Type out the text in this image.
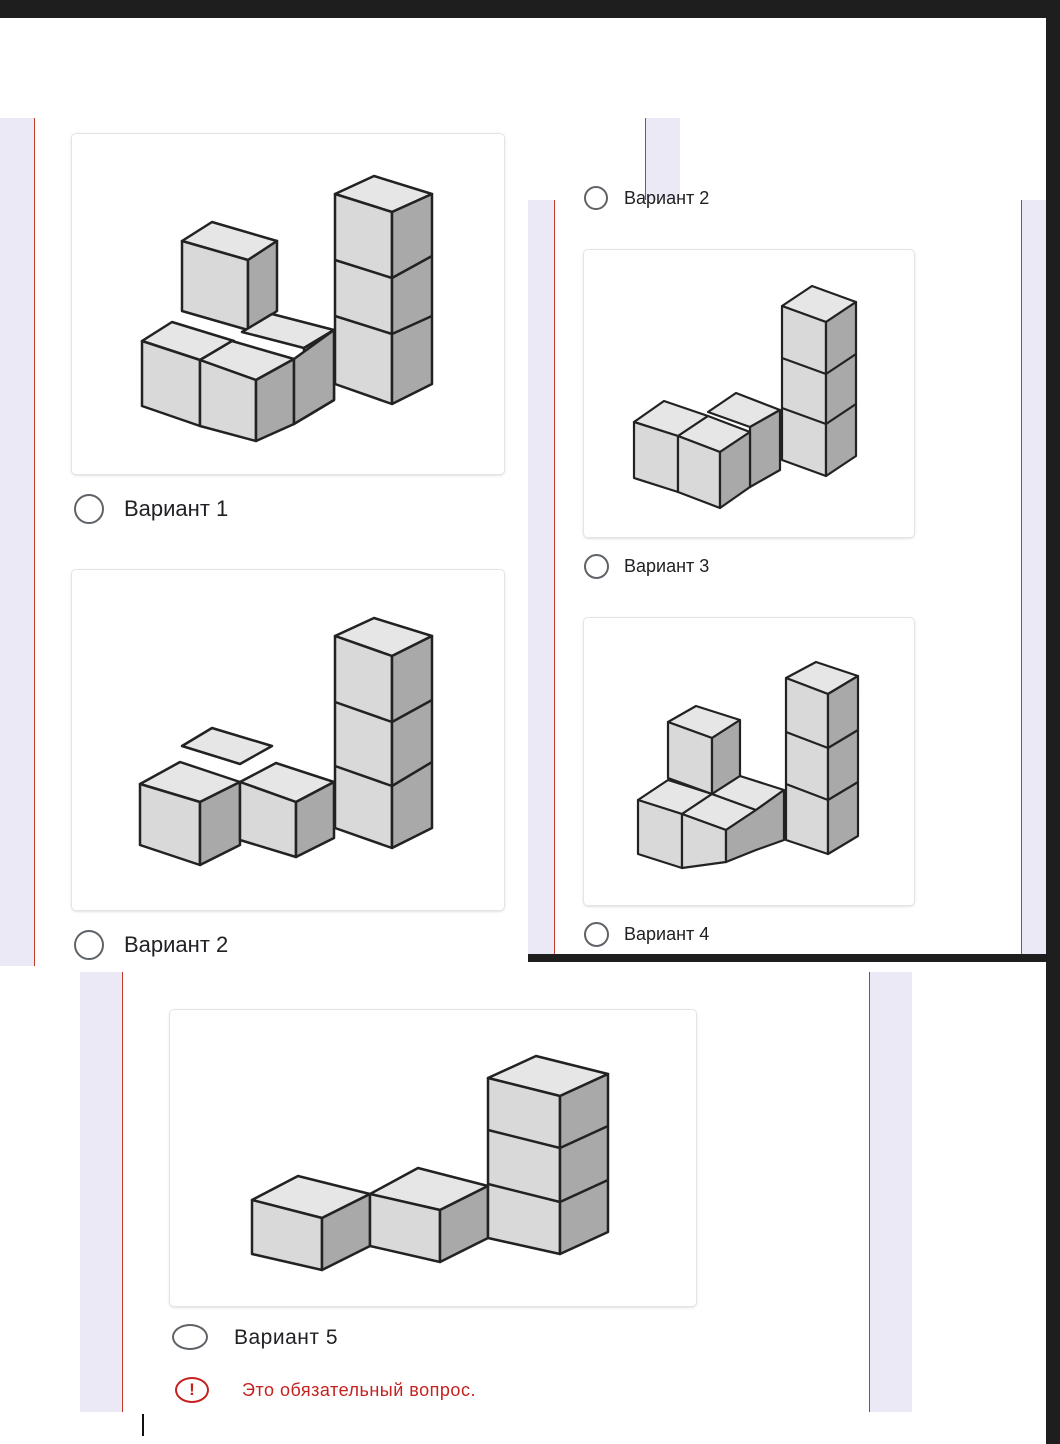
Вариант 1
Вариант 2
Вариант 2
Вариант 3
Вариант 4
Вариант 5
!	Это обязательный вопрос.
